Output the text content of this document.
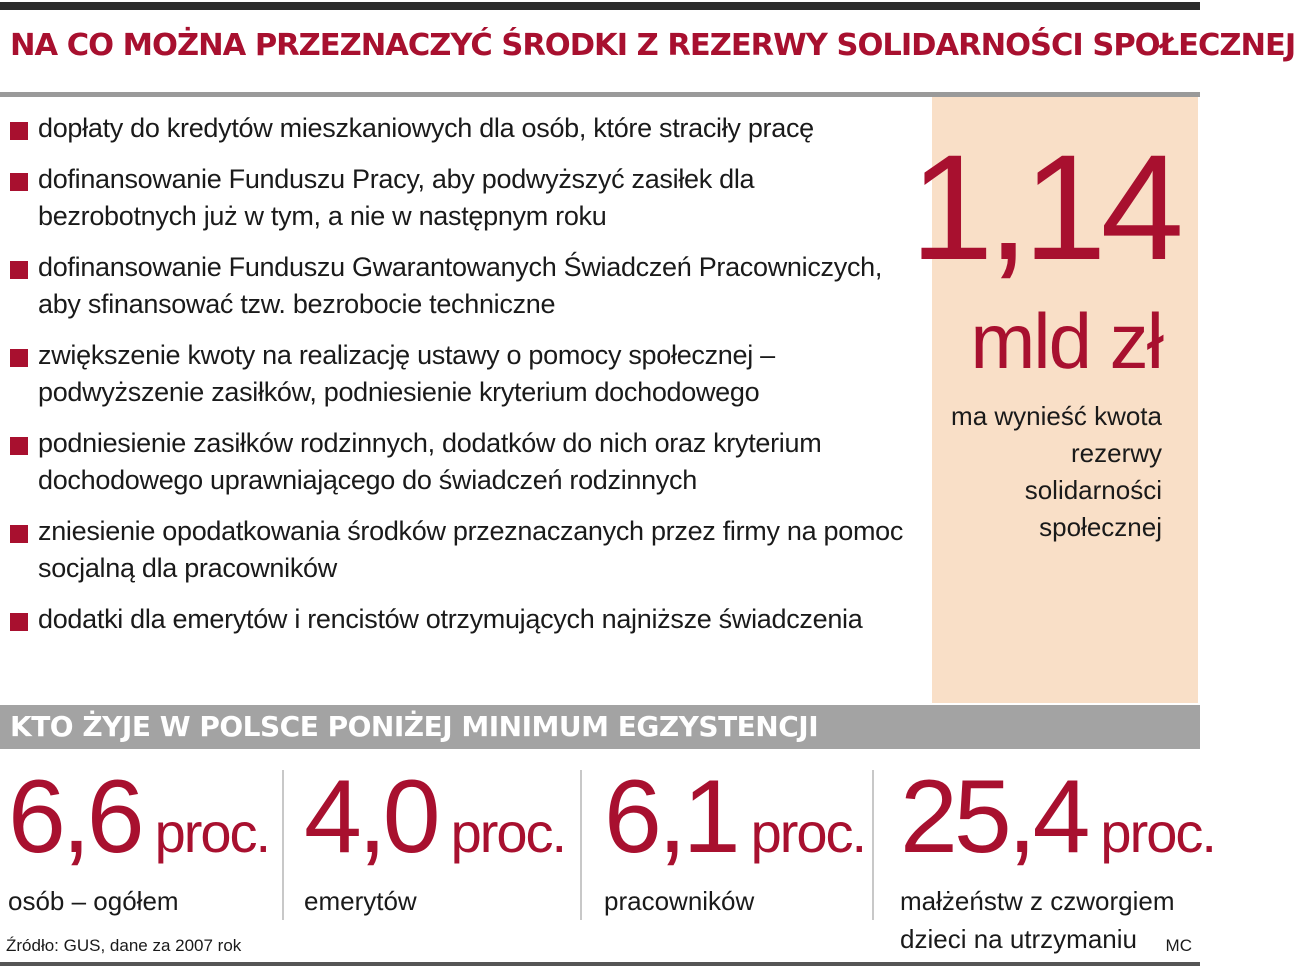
NA CO MOŻNA PRZEZNACZYĆ ŚRODKI Z REZERWY SOLIDARNOŚCI SPOŁECZNEJ
dopłaty do kredytów mieszkaniowych dla osób, które straciły pracę
dofinansowanie Funduszu Pracy, aby podwyższyć zasiłek dla bezrobotnych już w tym, a nie w następnym roku
dofinansowanie Funduszu Gwarantowanych Świadczeń Pracowniczych, aby sfinansować tzw. bezrobocie techniczne
zwiększenie kwoty na realizację ustawy o pomocy społecznej – podwyższenie zasiłków, podniesienie kryterium dochodowego
podniesienie zasiłków rodzinnych, dodatków do nich oraz kryterium dochodowego uprawniającego do świadczeń rodzinnych
zniesienie opodatkowania środków przeznaczanych przez firmy na pomoc socjalną dla pracowników
dodatki dla emerytów i rencistów otrzymujących najniższe świadczenia
1,14
mld zł
ma wynieść kwota rezerwy solidarności społecznej
KTO ŻYJE W POLSCE PONIŻEJ MINIMUM EGZYSTENCJI
6,6 proc.
osób – ogółem
4,0 proc.
emerytów
6,1 proc.
pracowników
25,4 proc.
małżeństw z czworgiem dzieci na utrzymaniu
Źródło: GUS, dane za 2007 rok	MC
